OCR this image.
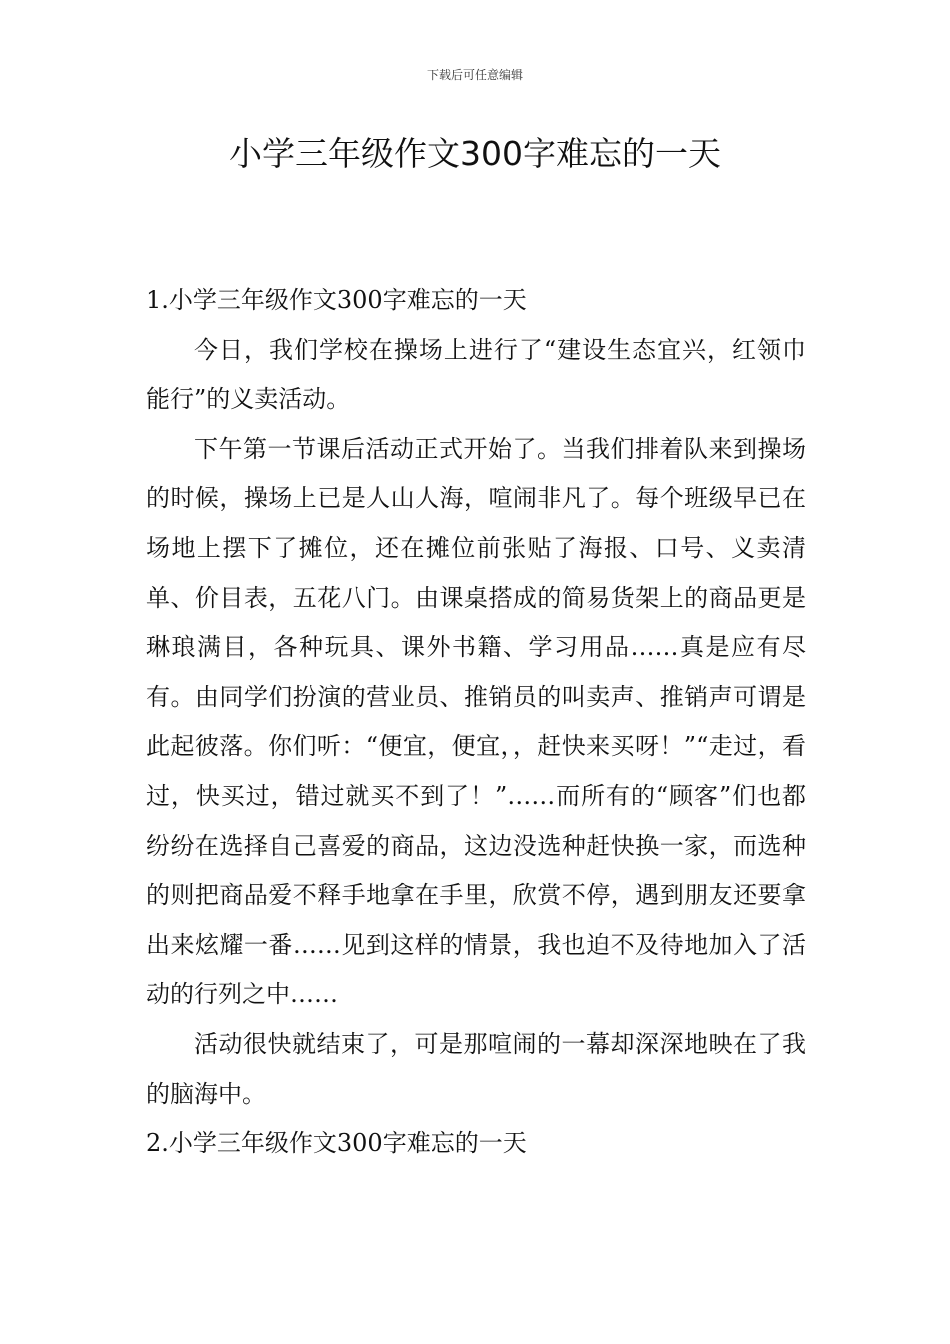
下载后可任意编辑
小学三年级作文300字难忘的一天

1.小学三年级作文300字难忘的一天

今日，我们学校在操场上进行了“建设生态宜兴，红领巾能行”的义卖活动。

下午第一节课后活动正式开始了。当我们排着队来到操场的时候，操场上已是人山人海，喧闹非凡了。每个班级早已在场地上摆下了摊位，还在摊位前张贴了海报、口号、义卖清单、价目表，五花八门。由课桌搭成的简易货架上的商品更是琳琅满目，各种玩具、课外书籍、学习用品……真是应有尽有。由同学们扮演的营业员、推销员的叫卖声、推销声可谓是此起彼落。你们听：“便宜，便宜，，赶快来买呀！”“走过，看过，快买过，错过就买不到了！”……而所有的“顾客”们也都纷纷在选择自己喜爱的商品，这边没选种赶快换一家，而选种的则把商品爱不释手地拿在手里，欣赏不停，遇到朋友还要拿出来炫耀一番……见到这样的情景，我也迫不及待地加入了活动的行列之中……

活动很快就结束了，可是那喧闹的一幕却深深地映在了我的脑海中。

2.小学三年级作文300字难忘的一天
